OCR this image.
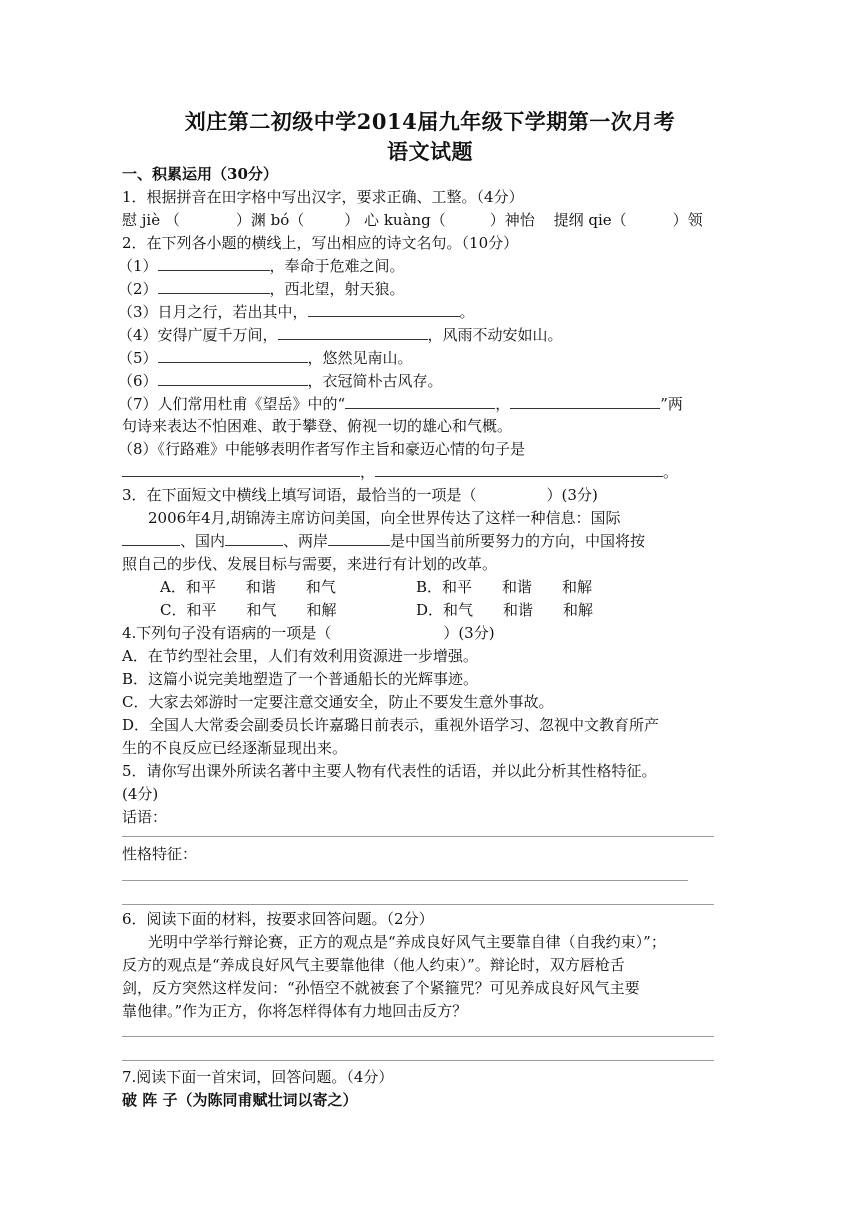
刘庄第二初级中学2014届九年级下学期第一次月考
语文试题
一、积累运用（30分）
1．根据拼音在田字格中写出汉字，要求正确、工整。（4分）
慰 jiè （	）渊 bó（	） 心 kuàng（	）神怡 提纲 qie（	）领
2．在下列各小题的横线上，写出相应的诗文名句。（10分）
（1）	，奉命于危难之间。
（2）	，西北望，射天狼。
（3）日月之行，若出其中，	。
（4）安得广厦千万间，	，风雨不动安如山。
（5）	，悠然见南山。
（6）	，衣冠简朴古风存。
（7）人们常用杜甫《望岳》中的“	，	”两
句诗来表达不怕困难、敢于攀登、俯视一切的雄心和气概。
（8）《行路难》中能够表明作者写作主旨和豪迈心情的句子是
，	。
3．在下面短文中横线上填写词语，最恰当的一项是（	）(3分)
2006年4月,胡锦涛主席访问美国，向全世界传达了这样一种信息：国际
、国内	、两岸	是中国当前所要努力的方向，中国将按
照自己的步伐、发展目标与需要，来进行有计划的改革。
A．和平　　和谐　　和气	B．和平　　和谐　　和解
C．和平　　和气　　和解	D．和气　　和谐　　和解
4.下列句子没有语病的一项是（	）(3分)
A．在节约型社会里，人们有效利用资源进一步增强。
B．这篇小说完美地塑造了一个普通船长的光辉事迹。
C．大家去郊游时一定要注意交通安全，防止不要发生意外事故。
D．全国人大常委会副委员长许嘉璐日前表示，重视外语学习、忽视中文教育所产
生的不良反应已经逐渐显现出来。
5．请你写出课外所读名著中主要人物有代表性的话语，并以此分析其性格特征。
(4分)
话语：
性格特征：
6．阅读下面的材料，按要求回答问题。（2分）
光明中学举行辩论赛，正方的观点是“养成良好风气主要靠自律（自我约束）”；
反方的观点是“养成良好风气主要靠他律（他人约束）”。辩论时，双方唇枪舌
剑，反方突然这样发问：“孙悟空不就被套了个紧箍咒？可见养成良好风气主要
靠他律。”作为正方，你将怎样得体有力地回击反方？
7.阅读下面一首宋词，回答问题。（4分）
破 阵 子（为陈同甫赋壮词以寄之）
